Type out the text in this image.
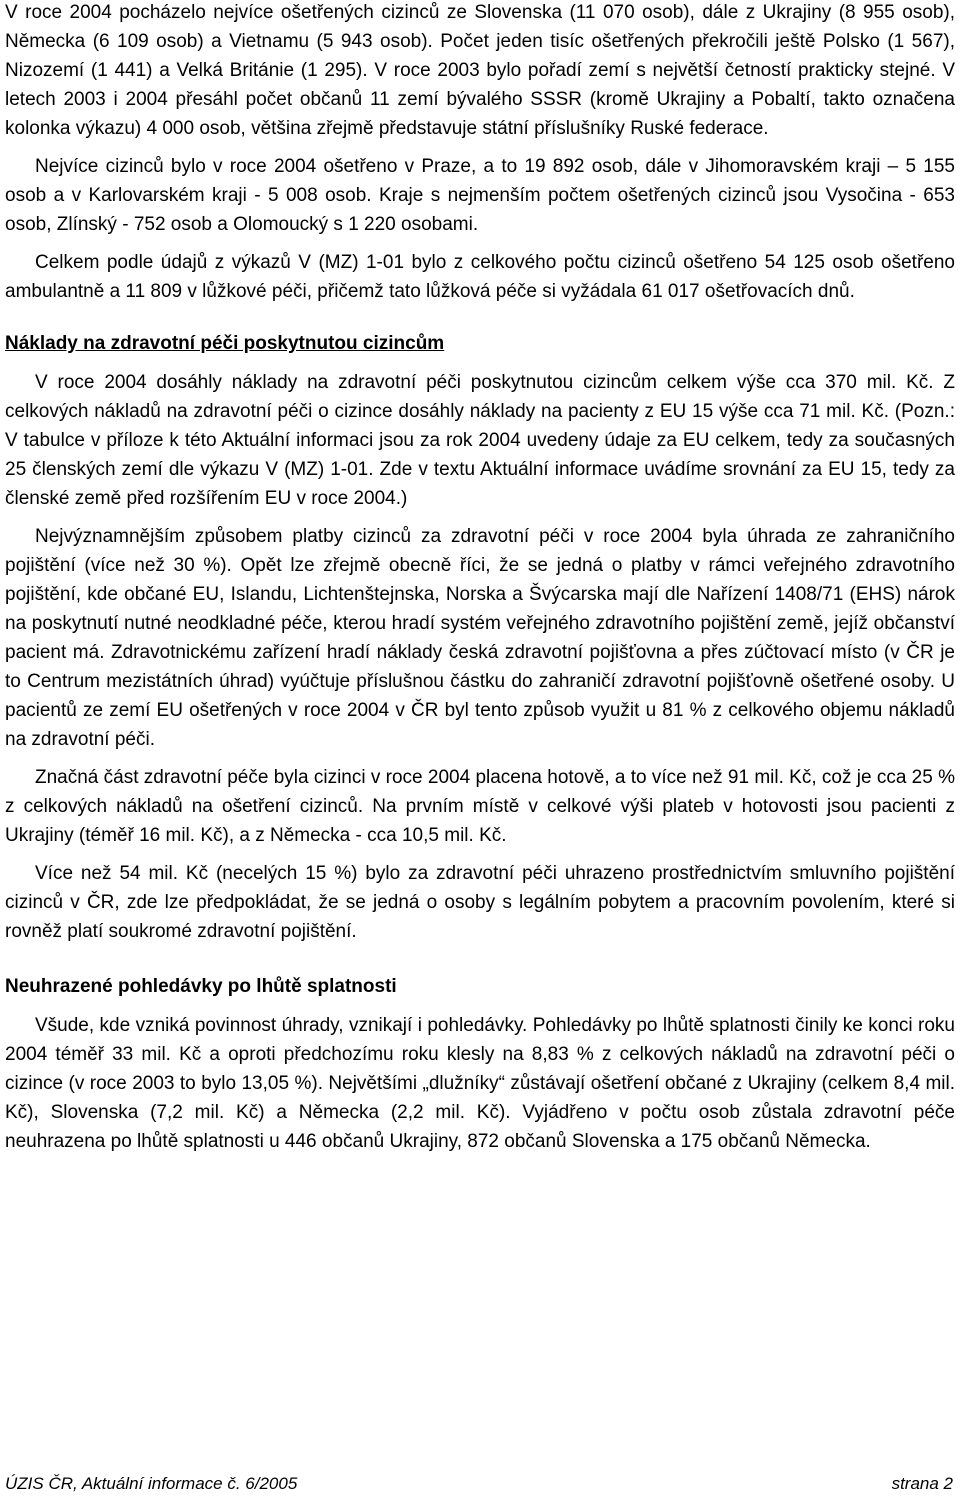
V roce 2004 pocházelo nejvíce ošetřených cizinců ze Slovenska (11 070 osob), dále z Ukrajiny (8 955 osob), Německa (6 109 osob) a Vietnamu (5 943 osob). Počet jeden tisíc ošetřených překročili ještě Polsko (1 567), Nizozemí (1 441) a Velká Británie (1 295). V roce 2003 bylo pořadí zemí s největší četností prakticky stejné. V letech 2003 i 2004 přesáhl počet občanů 11 zemí bývalého SSSR (kromě Ukrajiny a Pobaltí, takto označena kolonka výkazu) 4 000 osob, většina zřejmě představuje státní příslušníky Ruské federace.

Nejvíce cizinců bylo v roce 2004 ošetřeno v Praze, a to 19 892 osob, dále v Jihomoravském kraji – 5 155 osob a v Karlovarském kraji - 5 008 osob. Kraje s nejmenším počtem ošetřených cizinců jsou Vysočina - 653 osob, Zlínský - 752 osob a Olomoucký s 1 220 osobami.

Celkem podle údajů z výkazů V (MZ) 1-01 bylo z celkového počtu cizinců ošetřeno 54 125 osob ošetřeno ambulantně a 11 809 v lůžkové péči, přičemž tato lůžková péče si vyžádala 61 017 ošetřovacích dnů.

Náklady na zdravotní péči poskytnutou cizincům

V roce 2004 dosáhly náklady na zdravotní péči poskytnutou cizincům celkem výše cca 370 mil. Kč. Z celkových nákladů na zdravotní péči o cizince dosáhly náklady na pacienty z EU 15 výše cca 71 mil. Kč. (Pozn.: V tabulce v příloze k této Aktuální informaci jsou za rok 2004 uvedeny údaje za EU celkem, tedy za současných 25 členských zemí dle výkazu V (MZ) 1-01. Zde v textu Aktuální informace uvádíme srovnání za EU 15, tedy za členské země před rozšířením EU v roce 2004.)

Nejvýznamnějším způsobem platby cizinců za zdravotní péči v roce 2004 byla úhrada ze zahraničního pojištění (více než 30 %). Opět lze zřejmě obecně říci, že se jedná o platby v rámci veřejného zdravotního pojištění, kde občané EU, Islandu, Lichtenštejnska, Norska a Švýcarska mají dle Nařízení 1408/71 (EHS) nárok na poskytnutí nutné neodkladné péče, kterou hradí systém veřejného zdravotního pojištění země, jejíž občanství pacient má. Zdravotnickému zařízení hradí náklady česká zdravotní pojišťovna a přes zúčtovací místo (v ČR je to Centrum mezistátních úhrad) vyúčtuje příslušnou částku do zahraničí zdravotní pojišťovně ošetřené osoby. U pacientů ze zemí EU ošetřených v roce 2004 v ČR byl tento způsob využit u 81 % z celkového objemu nákladů na zdravotní péči.

Značná část zdravotní péče byla cizinci v roce 2004 placena hotově, a to více než 91 mil. Kč, což je cca 25 % z celkových nákladů na ošetření cizinců. Na prvním místě v celkové výši plateb v hotovosti jsou pacienti z Ukrajiny (téměř 16 mil. Kč), a z Německa - cca 10,5 mil. Kč.

Více než 54 mil. Kč (necelých 15 %) bylo za zdravotní péči uhrazeno prostřednictvím smluvního pojištění cizinců v ČR, zde lze předpokládat, že se jedná o osoby s legálním pobytem a pracovním povolením, které si rovněž platí soukromé zdravotní pojištění.

Neuhrazené pohledávky po lhůtě splatnosti

Všude, kde vzniká povinnost úhrady, vznikají i pohledávky. Pohledávky po lhůtě splatnosti činily ke konci roku 2004 téměř 33 mil. Kč a oproti předchozímu roku klesly na 8,83 % z celkových nákladů na zdravotní péči o cizince (v roce 2003 to bylo 13,05 %). Největšími „dlužníky“ zůstávají ošetření občané z Ukrajiny (celkem 8,4 mil. Kč), Slovenska (7,2 mil. Kč) a Německa (2,2 mil. Kč). Vyjádřeno v počtu osob zůstala zdravotní péče neuhrazena po lhůtě splatnosti u 446 občanů Ukrajiny, 872 občanů Slovenska a 175 občanů Německa.

ÚZIS ČR, Aktuální informace č. 6/2005	strana 2
